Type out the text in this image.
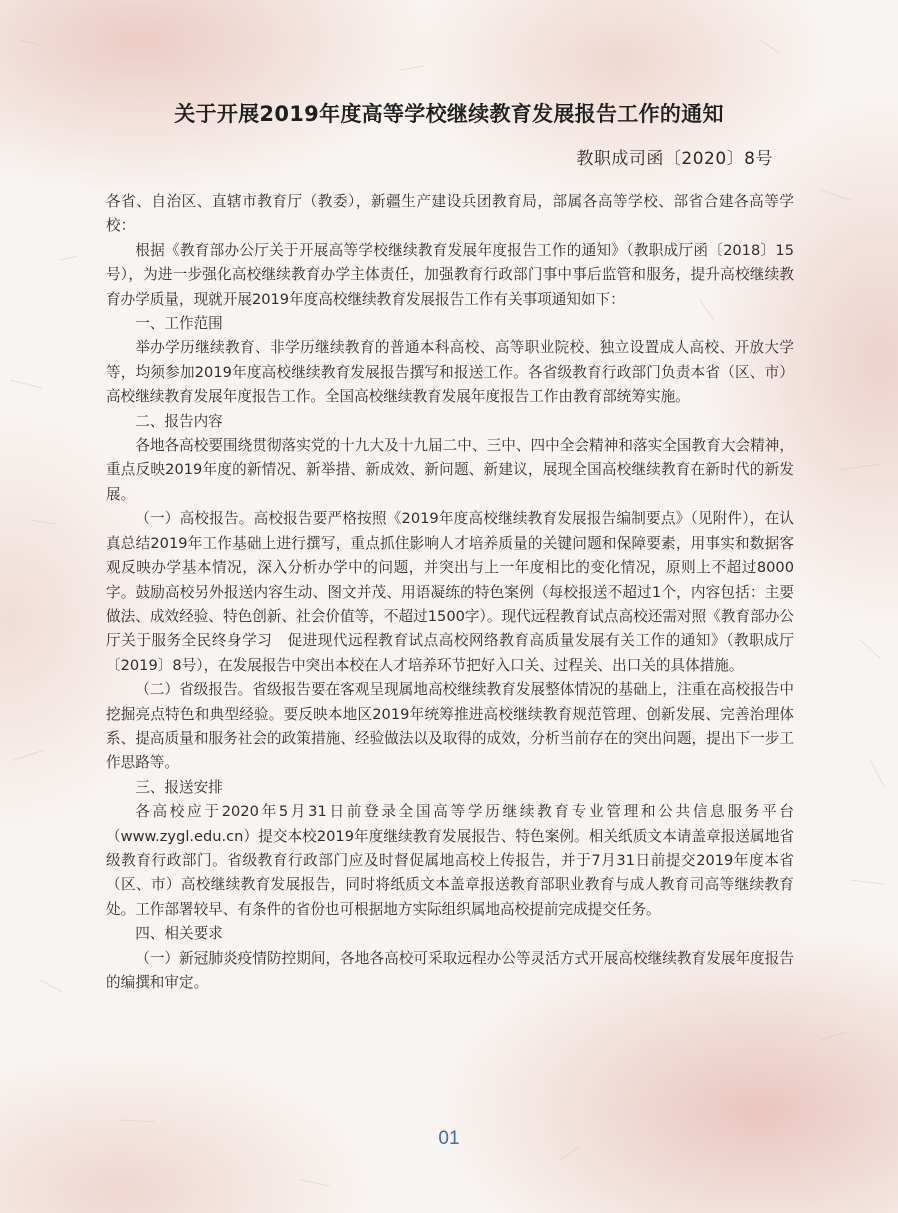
关于开展2019年度高等学校继续教育发展报告工作的通知
教职成司函〔2020〕8号

各省、自治区、直辖市教育厅（教委），新疆生产建设兵团教育局，部属各高等学校、部省合建各高等学校：

根据《教育部办公厅关于开展高等学校继续教育发展年度报告工作的通知》（教职成厅函〔2018〕15号），为进一步强化高校继续教育办学主体责任，加强教育行政部门事中事后监管和服务，提升高校继续教育办学质量，现就开展2019年度高校继续教育发展报告工作有关事项通知如下：

一、工作范围

举办学历继续教育、非学历继续教育的普通本科高校、高等职业院校、独立设置成人高校、开放大学等，均须参加2019年度高校继续教育发展报告撰写和报送工作。各省级教育行政部门负责本省（区、市）高校继续教育发展年度报告工作。全国高校继续教育发展年度报告工作由教育部统筹实施。

二、报告内容

各地各高校要围绕贯彻落实党的十九大及十九届二中、三中、四中全会精神和落实全国教育大会精神，重点反映2019年度的新情况、新举措、新成效、新问题、新建议，展现全国高校继续教育在新时代的新发展。

（一）高校报告。高校报告要严格按照《2019年度高校继续教育发展报告编制要点》（见附件），在认真总结2019年工作基础上进行撰写，重点抓住影响人才培养质量的关键问题和保障要素，用事实和数据客观反映办学基本情况，深入分析办学中的问题，并突出与上一年度相比的变化情况，原则上不超过8000字。鼓励高校另外报送内容生动、图文并茂、用语凝练的特色案例（每校报送不超过1个，内容包括：主要做法、成效经验、特色创新、社会价值等，不超过1500字）。现代远程教育试点高校还需对照《教育部办公厅关于服务全民终身学习　促进现代远程教育试点高校网络教育高质量发展有关工作的通知》（教职成厅〔2019〕8号），在发展报告中突出本校在人才培养环节把好入口关、过程关、出口关的具体措施。

（二）省级报告。省级报告要在客观呈现属地高校继续教育发展整体情况的基础上，注重在高校报告中挖掘亮点特色和典型经验。要反映本地区2019年统筹推进高校继续教育规范管理、创新发展、完善治理体系、提高质量和服务社会的政策措施、经验做法以及取得的成效，分析当前存在的突出问题，提出下一步工作思路等。

三、报送安排

各高校应于2020年5月31日前登录全国高等学历继续教育专业管理和公共信息服务平台（www.zygl.edu.cn）提交本校2019年度继续教育发展报告、特色案例。相关纸质文本请盖章报送属地省级教育行政部门。省级教育行政部门应及时督促属地高校上传报告，并于7月31日前提交2019年度本省（区、市）高校继续教育发展报告，同时将纸质文本盖章报送教育部职业教育与成人教育司高等继续教育处。工作部署较早、有条件的省份也可根据地方实际组织属地高校提前完成提交任务。

四、相关要求

（一）新冠肺炎疫情防控期间，各地各高校可采取远程办公等灵活方式开展高校继续教育发展年度报告的编撰和审定。

01
